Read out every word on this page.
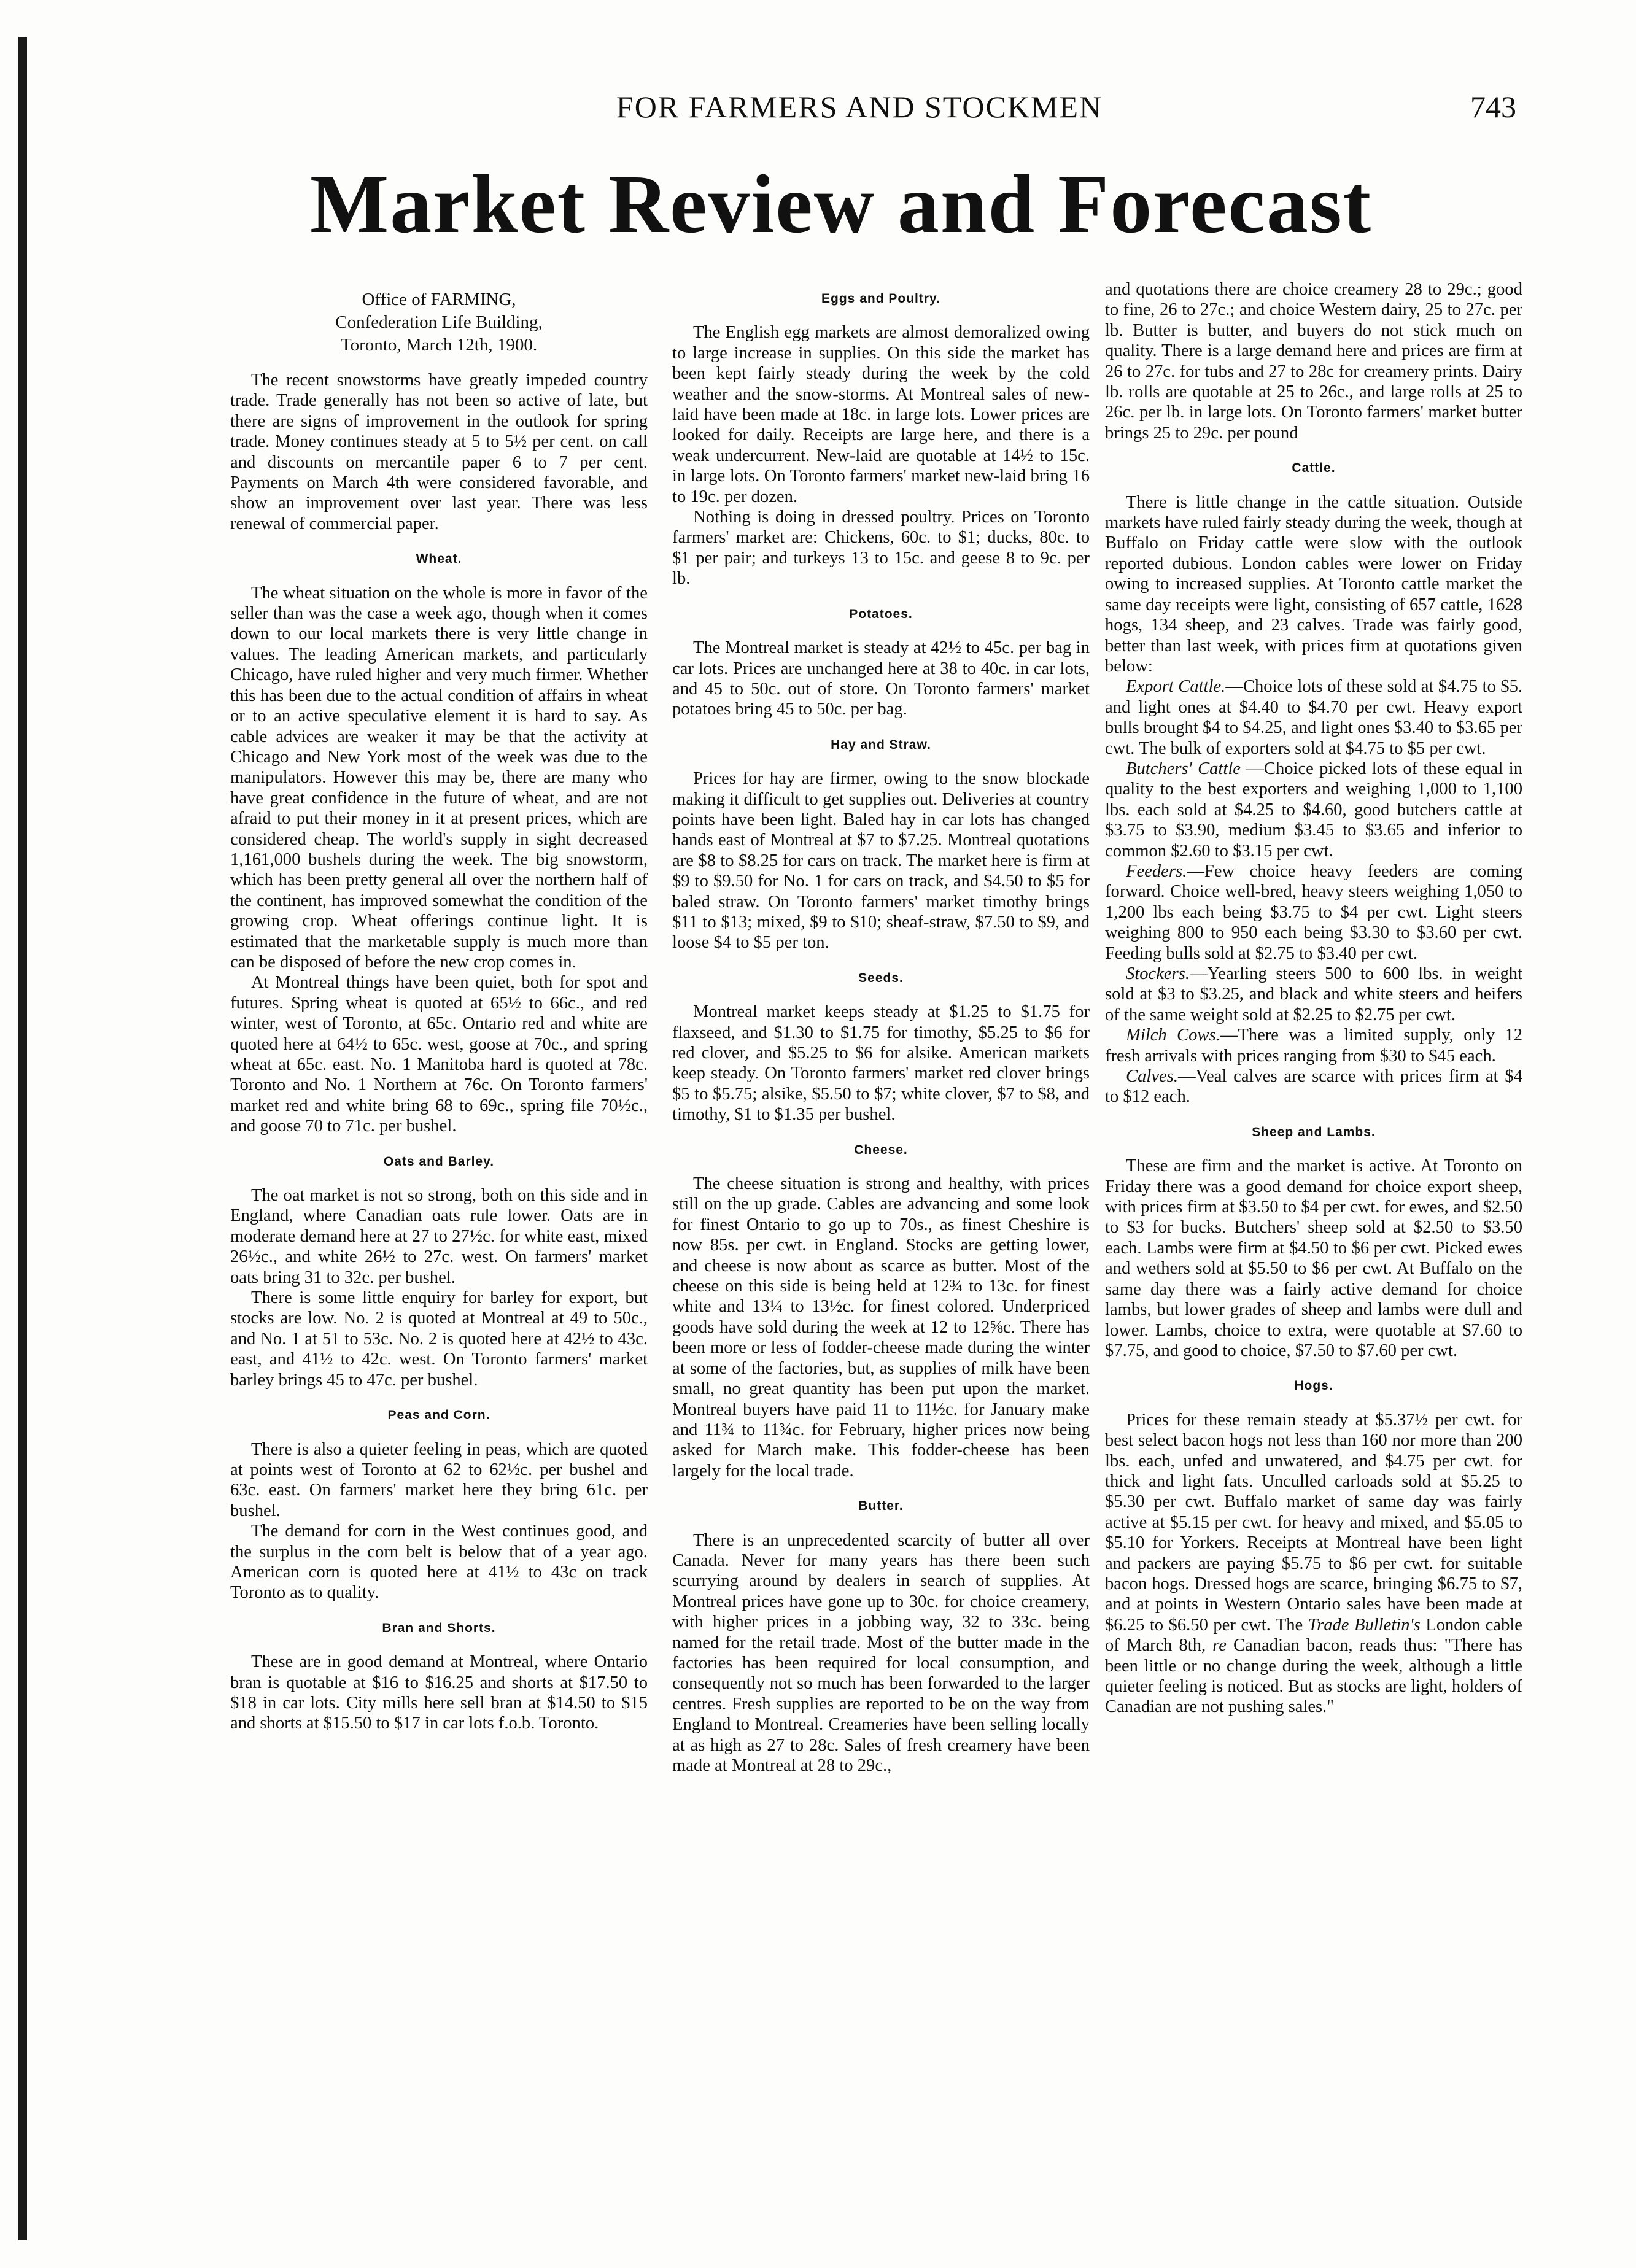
FOR FARMERS AND STOCKMEN	743
Market Review and Forecast
Office of FARMING,
Confederation Life Building,
Toronto, March 12th, 1900.

The recent snowstorms have greatly impeded country trade. Trade generally has not been so active of late, but there are signs of improvement in the outlook for spring trade. Money continues steady at 5 to 5½ per cent. on call and discounts on mercantile paper 6 to 7 per cent. Payments on March 4th were considered favorable, and show an improvement over last year. There was less renewal of commercial paper.

Wheat.

The wheat situation on the whole is more in favor of the seller than was the case a week ago, though when it comes down to our local markets there is very little change in values. The leading American markets, and particularly Chicago, have ruled higher and very much firmer. Whether this has been due to the actual condition of affairs in wheat or to an active speculative element it is hard to say. As cable advices are weaker it may be that the activity at Chicago and New York most of the week was due to the manipulators. However this may be, there are many who have great confidence in the future of wheat, and are not afraid to put their money in it at present prices, which are considered cheap. The world's supply in sight decreased 1,161,000 bushels during the week. The big snowstorm, which has been pretty general all over the northern half of the continent, has improved somewhat the condition of the growing crop. Wheat offerings continue light. It is estimated that the marketable supply is much more than can be disposed of before the new crop comes in.

At Montreal things have been quiet, both for spot and futures. Spring wheat is quoted at 65½ to 66c., and red winter, west of Toronto, at 65c. Ontario red and white are quoted here at 64½ to 65c. west, goose at 70c., and spring wheat at 65c. east. No. 1 Manitoba hard is quoted at 78c. Toronto and No. 1 Northern at 76c. On Toronto farmers' market red and white bring 68 to 69c., spring file 70½c., and goose 70 to 71c. per bushel.

Oats and Barley.

The oat market is not so strong, both on this side and in England, where Canadian oats rule lower. Oats are in moderate demand here at 27 to 27½c. for white east, mixed 26½c., and white 26½ to 27c. west. On farmers' market oats bring 31 to 32c. per bushel.

There is some little enquiry for barley for export, but stocks are low. No. 2 is quoted at Montreal at 49 to 50c., and No. 1 at 51 to 53c. No. 2 is quoted here at 42½ to 43c. east, and 41½ to 42c. west. On Toronto farmers' market barley brings 45 to 47c. per bushel.

Peas and Corn.

There is also a quieter feeling in peas, which are quoted at points west of Toronto at 62 to 62½c. per bushel and 63c. east. On farmers' market here they bring 61c. per bushel.

The demand for corn in the West continues good, and the surplus in the corn belt is below that of a year ago. American corn is quoted here at 41½ to 43c on track Toronto as to quality.

Bran and Shorts.

These are in good demand at Montreal, where Ontario bran is quotable at $16 to $16.25 and shorts at $17.50 to $18 in car lots. City mills here sell bran at $14.50 to $15 and shorts at $15.50 to $17 in car lots f.o.b. Toronto.

Eggs and Poultry.

The English egg markets are almost demoralized owing to large increase in supplies. On this side the market has been kept fairly steady during the week by the cold weather and the snow-storms. At Montreal sales of new-laid have been made at 18c. in large lots. Lower prices are looked for daily. Receipts are large here, and there is a weak undercurrent. New-laid are quotable at 14½ to 15c. in large lots. On Toronto farmers' market new-laid bring 16 to 19c. per dozen.

Nothing is doing in dressed poultry. Prices on Toronto farmers' market are: Chickens, 60c. to $1; ducks, 80c. to $1 per pair; and turkeys 13 to 15c. and geese 8 to 9c. per lb.

Potatoes.

The Montreal market is steady at 42½ to 45c. per bag in car lots. Prices are unchanged here at 38 to 40c. in car lots, and 45 to 50c. out of store. On Toronto farmers' market potatoes bring 45 to 50c. per bag.

Hay and Straw.

Prices for hay are firmer, owing to the snow blockade making it difficult to get supplies out. Deliveries at country points have been light. Baled hay in car lots has changed hands east of Montreal at $7 to $7.25. Montreal quotations are $8 to $8.25 for cars on track. The market here is firm at $9 to $9.50 for No. 1 for cars on track, and $4.50 to $5 for baled straw. On Toronto farmers' market timothy brings $11 to $13; mixed, $9 to $10; sheaf-straw, $7.50 to $9, and loose $4 to $5 per ton.

Seeds.

Montreal market keeps steady at $1.25 to $1.75 for flaxseed, and $1.30 to $1.75 for timothy, $5.25 to $6 for red clover, and $5.25 to $6 for alsike. American markets keep steady. On Toronto farmers' market red clover brings $5 to $5.75; alsike, $5.50 to $7; white clover, $7 to $8, and timothy, $1 to $1.35 per bushel.

Cheese.

The cheese situation is strong and healthy, with prices still on the up grade. Cables are advancing and some look for finest Ontario to go up to 70s., as finest Cheshire is now 85s. per cwt. in England. Stocks are getting lower, and cheese is now about as scarce as butter. Most of the cheese on this side is being held at 12¾ to 13c. for finest white and 13¼ to 13½c. for finest colored. Underpriced goods have sold during the week at 12 to 12⅝c. There has been more or less of fodder-cheese made during the winter at some of the factories, but, as supplies of milk have been small, no great quantity has been put upon the market. Montreal buyers have paid 11 to 11½c. for January make and 11¾ to 11¾c. for February, higher prices now being asked for March make. This fodder-cheese has been largely for the local trade.

Butter.

There is an unprecedented scarcity of butter all over Canada. Never for many years has there been such scurrying around by dealers in search of supplies. At Montreal prices have gone up to 30c. for choice creamery, with higher prices in a jobbing way, 32 to 33c. being named for the retail trade. Most of the butter made in the factories has been required for local consumption, and consequently not so much has been forwarded to the larger centres. Fresh supplies are reported to be on the way from England to Montreal. Creameries have been selling locally at as high as 27 to 28c. Sales of fresh creamery have been made at Montreal at 28 to 29c.,

and quotations there are choice creamery 28 to 29c.; good to fine, 26 to 27c.; and choice Western dairy, 25 to 27c. per lb. Butter is butter, and buyers do not stick much on quality. There is a large demand here and prices are firm at 26 to 27c. for tubs and 27 to 28c for creamery prints. Dairy lb. rolls are quotable at 25 to 26c., and large rolls at 25 to 26c. per lb. in large lots. On Toronto farmers' market butter brings 25 to 29c. per pound

Cattle.

There is little change in the cattle situation. Outside markets have ruled fairly steady during the week, though at Buffalo on Friday cattle were slow with the outlook reported dubious. London cables were lower on Friday owing to increased supplies. At Toronto cattle market the same day receipts were light, consisting of 657 cattle, 1628 hogs, 134 sheep, and 23 calves. Trade was fairly good, better than last week, with prices firm at quotations given below:

Export Cattle.—Choice lots of these sold at $4.75 to $5. and light ones at $4.40 to $4.70 per cwt. Heavy export bulls brought $4 to $4.25, and light ones $3.40 to $3.65 per cwt. The bulk of exporters sold at $4.75 to $5 per cwt.

Butchers' Cattle —Choice picked lots of these equal in quality to the best exporters and weighing 1,000 to 1,100 lbs. each sold at $4.25 to $4.60, good butchers cattle at $3.75 to $3.90, medium $3.45 to $3.65 and inferior to common $2.60 to $3.15 per cwt.

Feeders.—Few choice heavy feeders are coming forward. Choice well-bred, heavy steers weighing 1,050 to 1,200 lbs each being $3.75 to $4 per cwt. Light steers weighing 800 to 950 each being $3.30 to $3.60 per cwt. Feeding bulls sold at $2.75 to $3.40 per cwt.

Stockers.—Yearling steers 500 to 600 lbs. in weight sold at $3 to $3.25, and black and white steers and heifers of the same weight sold at $2.25 to $2.75 per cwt.

Milch Cows.—There was a limited supply, only 12 fresh arrivals with prices ranging from $30 to $45 each.

Calves.—Veal calves are scarce with prices firm at $4 to $12 each.

Sheep and Lambs.

These are firm and the market is active. At Toronto on Friday there was a good demand for choice export sheep, with prices firm at $3.50 to $4 per cwt. for ewes, and $2.50 to $3 for bucks. Butchers' sheep sold at $2.50 to $3.50 each. Lambs were firm at $4.50 to $6 per cwt. Picked ewes and wethers sold at $5.50 to $6 per cwt. At Buffalo on the same day there was a fairly active demand for choice lambs, but lower grades of sheep and lambs were dull and lower. Lambs, choice to extra, were quotable at $7.60 to $7.75, and good to choice, $7.50 to $7.60 per cwt.

Hogs.

Prices for these remain steady at $5.37½ per cwt. for best select bacon hogs not less than 160 nor more than 200 lbs. each, unfed and unwatered, and $4.75 per cwt. for thick and light fats. Unculled carloads sold at $5.25 to $5.30 per cwt. Buffalo market of same day was fairly active at $5.15 per cwt. for heavy and mixed, and $5.05 to $5.10 for Yorkers. Receipts at Montreal have been light and packers are paying $5.75 to $6 per cwt. for suitable bacon hogs. Dressed hogs are scarce, bringing $6.75 to $7, and at points in Western Ontario sales have been made at $6.25 to $6.50 per cwt. The Trade Bulletin's London cable of March 8th, re Canadian bacon, reads thus: "There has been little or no change during the week, although a little quieter feeling is noticed. But as stocks are light, holders of Canadian are not pushing sales."
